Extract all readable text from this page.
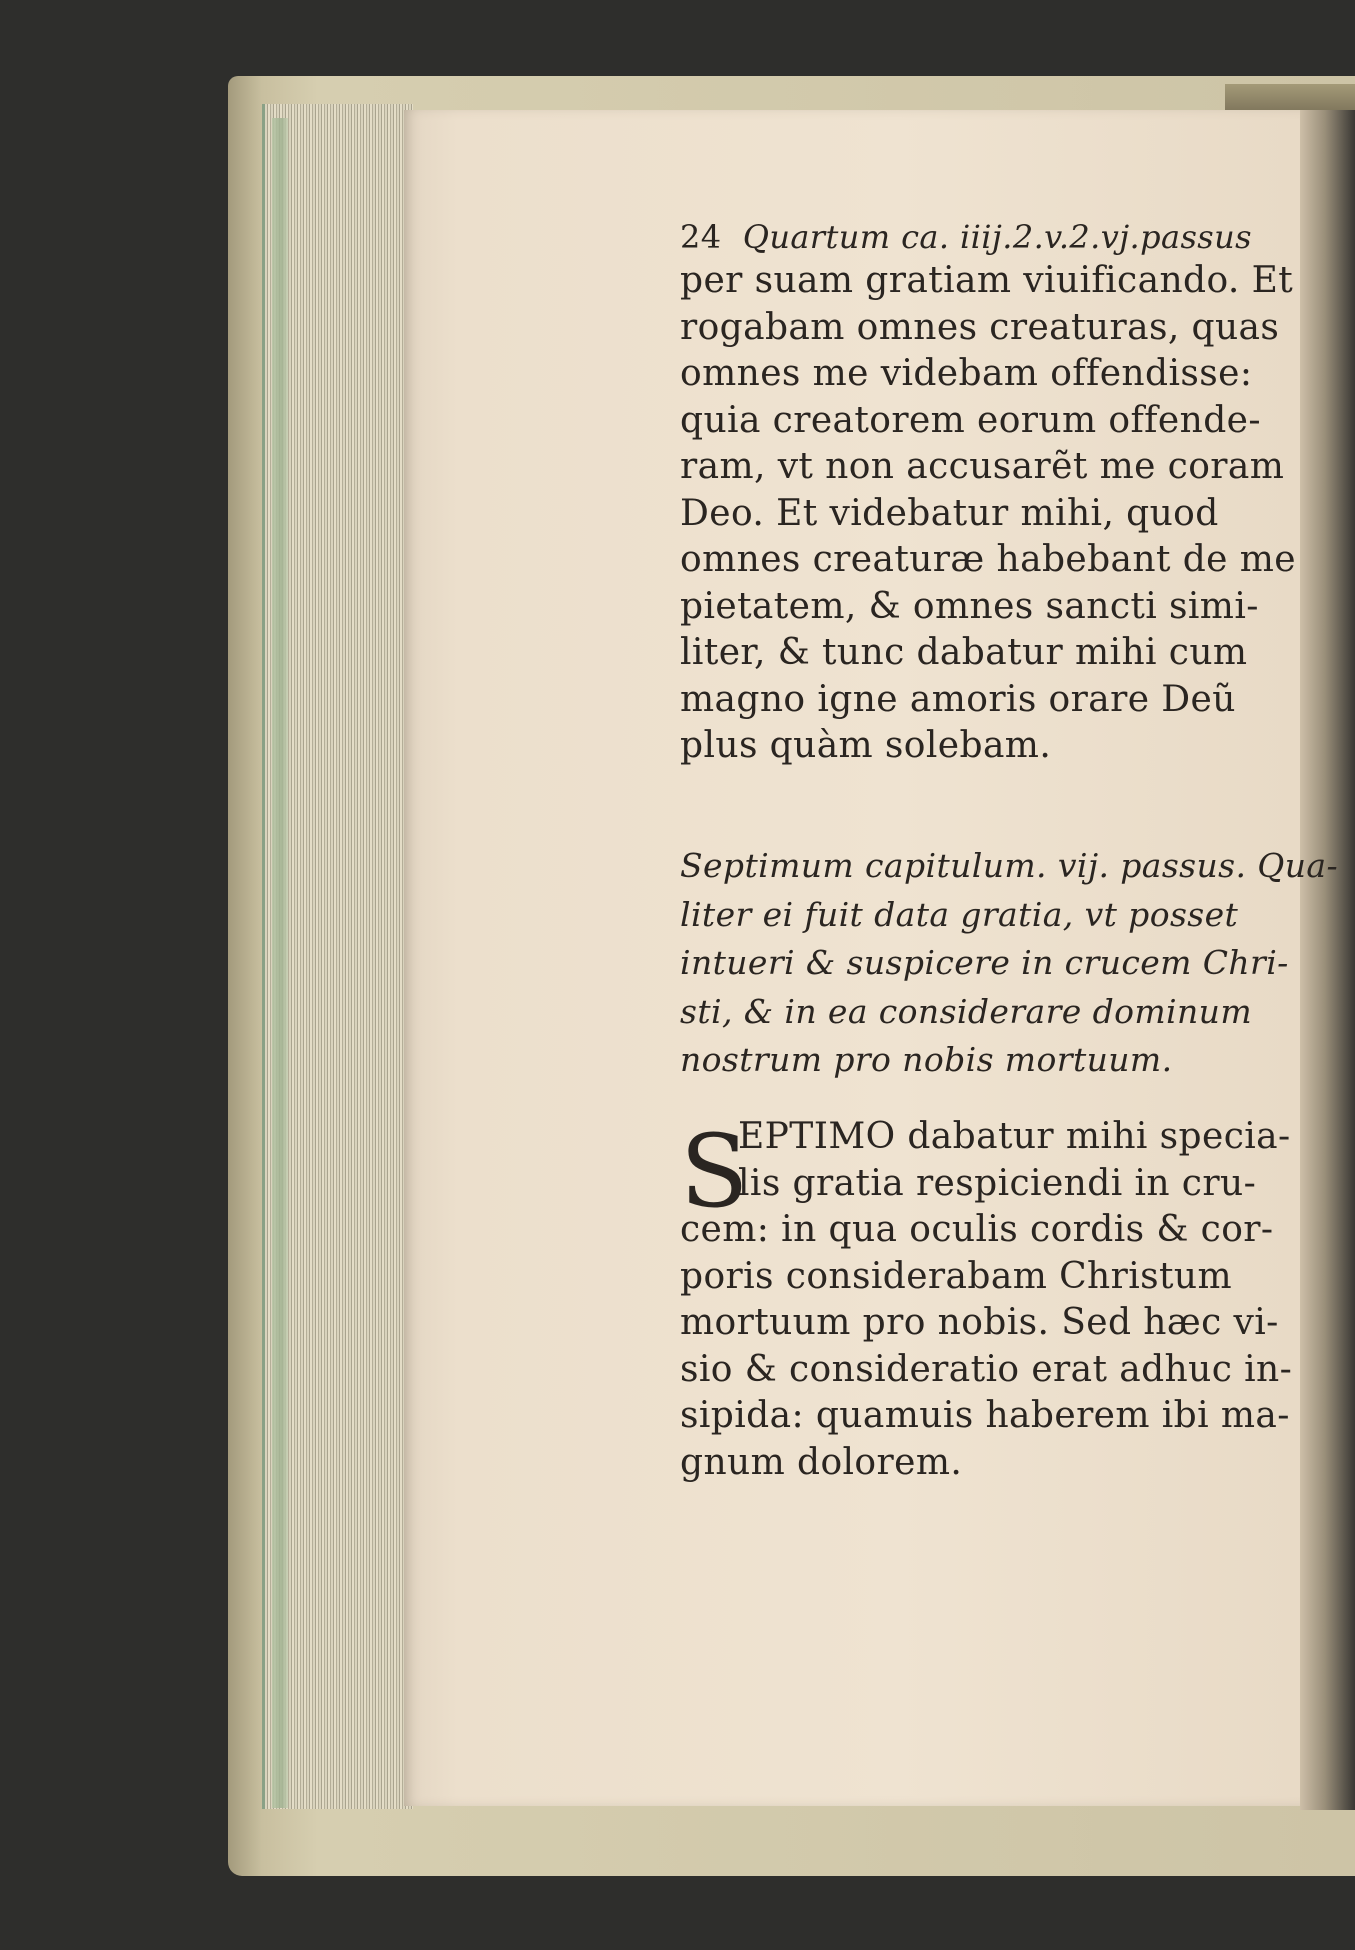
24 Quartum ca. iiij.2.v.2.vj.passus
per suam gratiam viuificando. Et
rogabam omnes creaturas, quas
omnes me videbam offendisse:
quia creatorem eorum offende-
ram, vt non accusarẽt me coram
Deo. Et videbatur mihi, quod
omnes creaturæ habebant de me
pietatem, & omnes sancti simi-
liter, & tunc dabatur mihi cum
magno igne amoris orare Deũ
plus quàm solebam.
Septimum capitulum. vij. passus. Qua-
liter ei fuit data gratia, vt posset
intueri & suspicere in crucem Chri-
sti, & in ea considerare dominum
nostrum pro nobis mortuum.
S
EPTIMO dabatur mihi specia-
lis gratia respiciendi in cru-
cem: in qua oculis cordis & cor-
poris considerabam Christum
mortuum pro nobis. Sed hæc vi-
sio & consideratio erat adhuc in-
sipida: quamuis haberem ibi ma-
gnum dolorem.
